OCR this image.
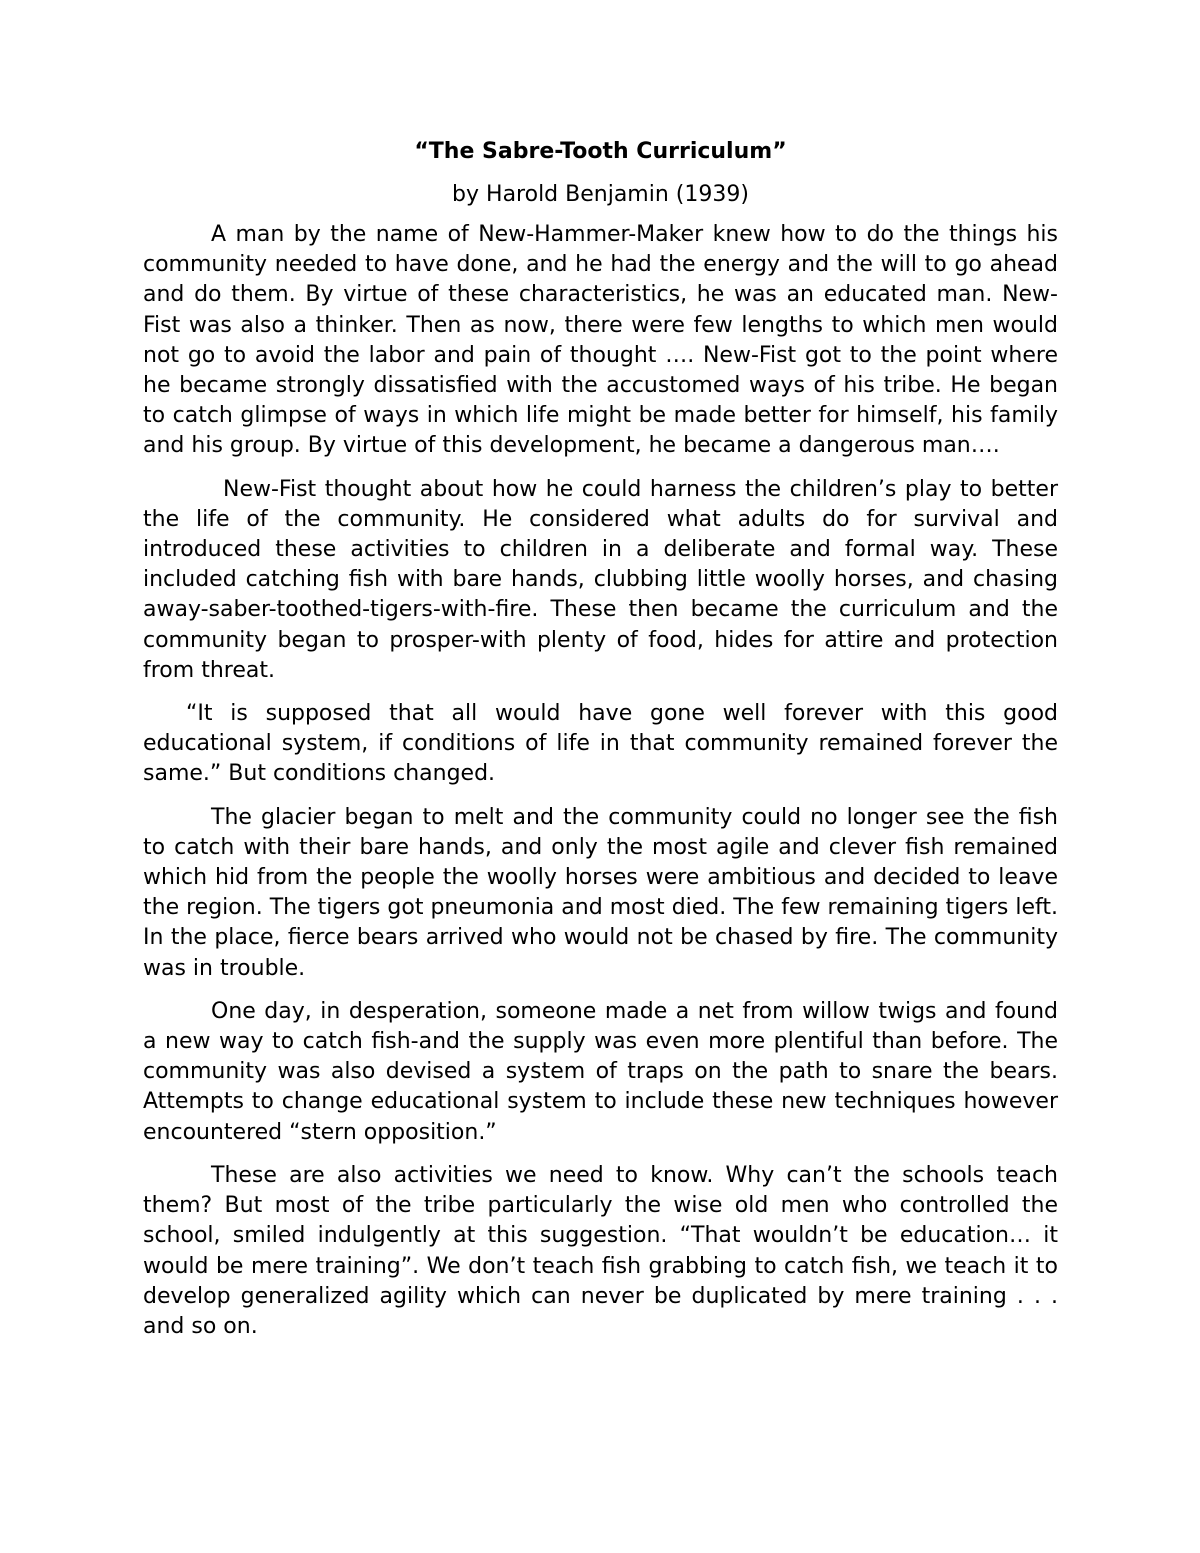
“The Sabre-Tooth Curriculum”

by Harold Benjamin (1939)

A man by the name of New-Hammer-Maker knew how to do the things his community needed to have done, and he had the energy and the will to go ahead and do them. By virtue of these characteristics, he was an educated man. New-Fist was also a thinker. Then as now, there were few lengths to which men would not go to avoid the labor and pain of thought …. New-Fist got to the point where he became strongly dissatisfied with the accustomed ways of his tribe. He began to catch glimpse of ways in which life might be made better for himself, his family and his group. By virtue of this development, he became a dangerous man….

New-Fist thought about how he could harness the children’s play to better the life of the community. He considered what adults do for survival and introduced these activities to children in a deliberate and formal way. These included catching fish with bare hands, clubbing little woolly horses, and chasing away-saber-toothed-tigers-with-fire. These then became the curriculum and the community began to prosper-with plenty of food, hides for attire and protection from threat.

“It is supposed that all would have gone well forever with this good educational system, if conditions of life in that community remained forever the same.” But conditions changed.

The glacier began to melt and the community could no longer see the fish to catch with their bare hands, and only the most agile and clever fish remained which hid from the people the woolly horses were ambitious and decided to leave the region. The tigers got pneumonia and most died. The few remaining tigers left. In the place, fierce bears arrived who would not be chased by fire. The community was in trouble.

One day, in desperation, someone made a net from willow twigs and found a new way to catch fish-and the supply was even more plentiful than before. The community was also devised a system of traps on the path to snare the bears. Attempts to change educational system to include these new techniques however encountered “stern opposition.”

These are also activities we need to know. Why can’t the schools teach them? But most of the tribe particularly the wise old men who controlled the school, smiled indulgently at this suggestion. “That wouldn’t be education… it would be mere training”. We don’t teach fish grabbing to catch fish, we teach it to develop generalized agility which can never be duplicated by mere training . . . and so on.
